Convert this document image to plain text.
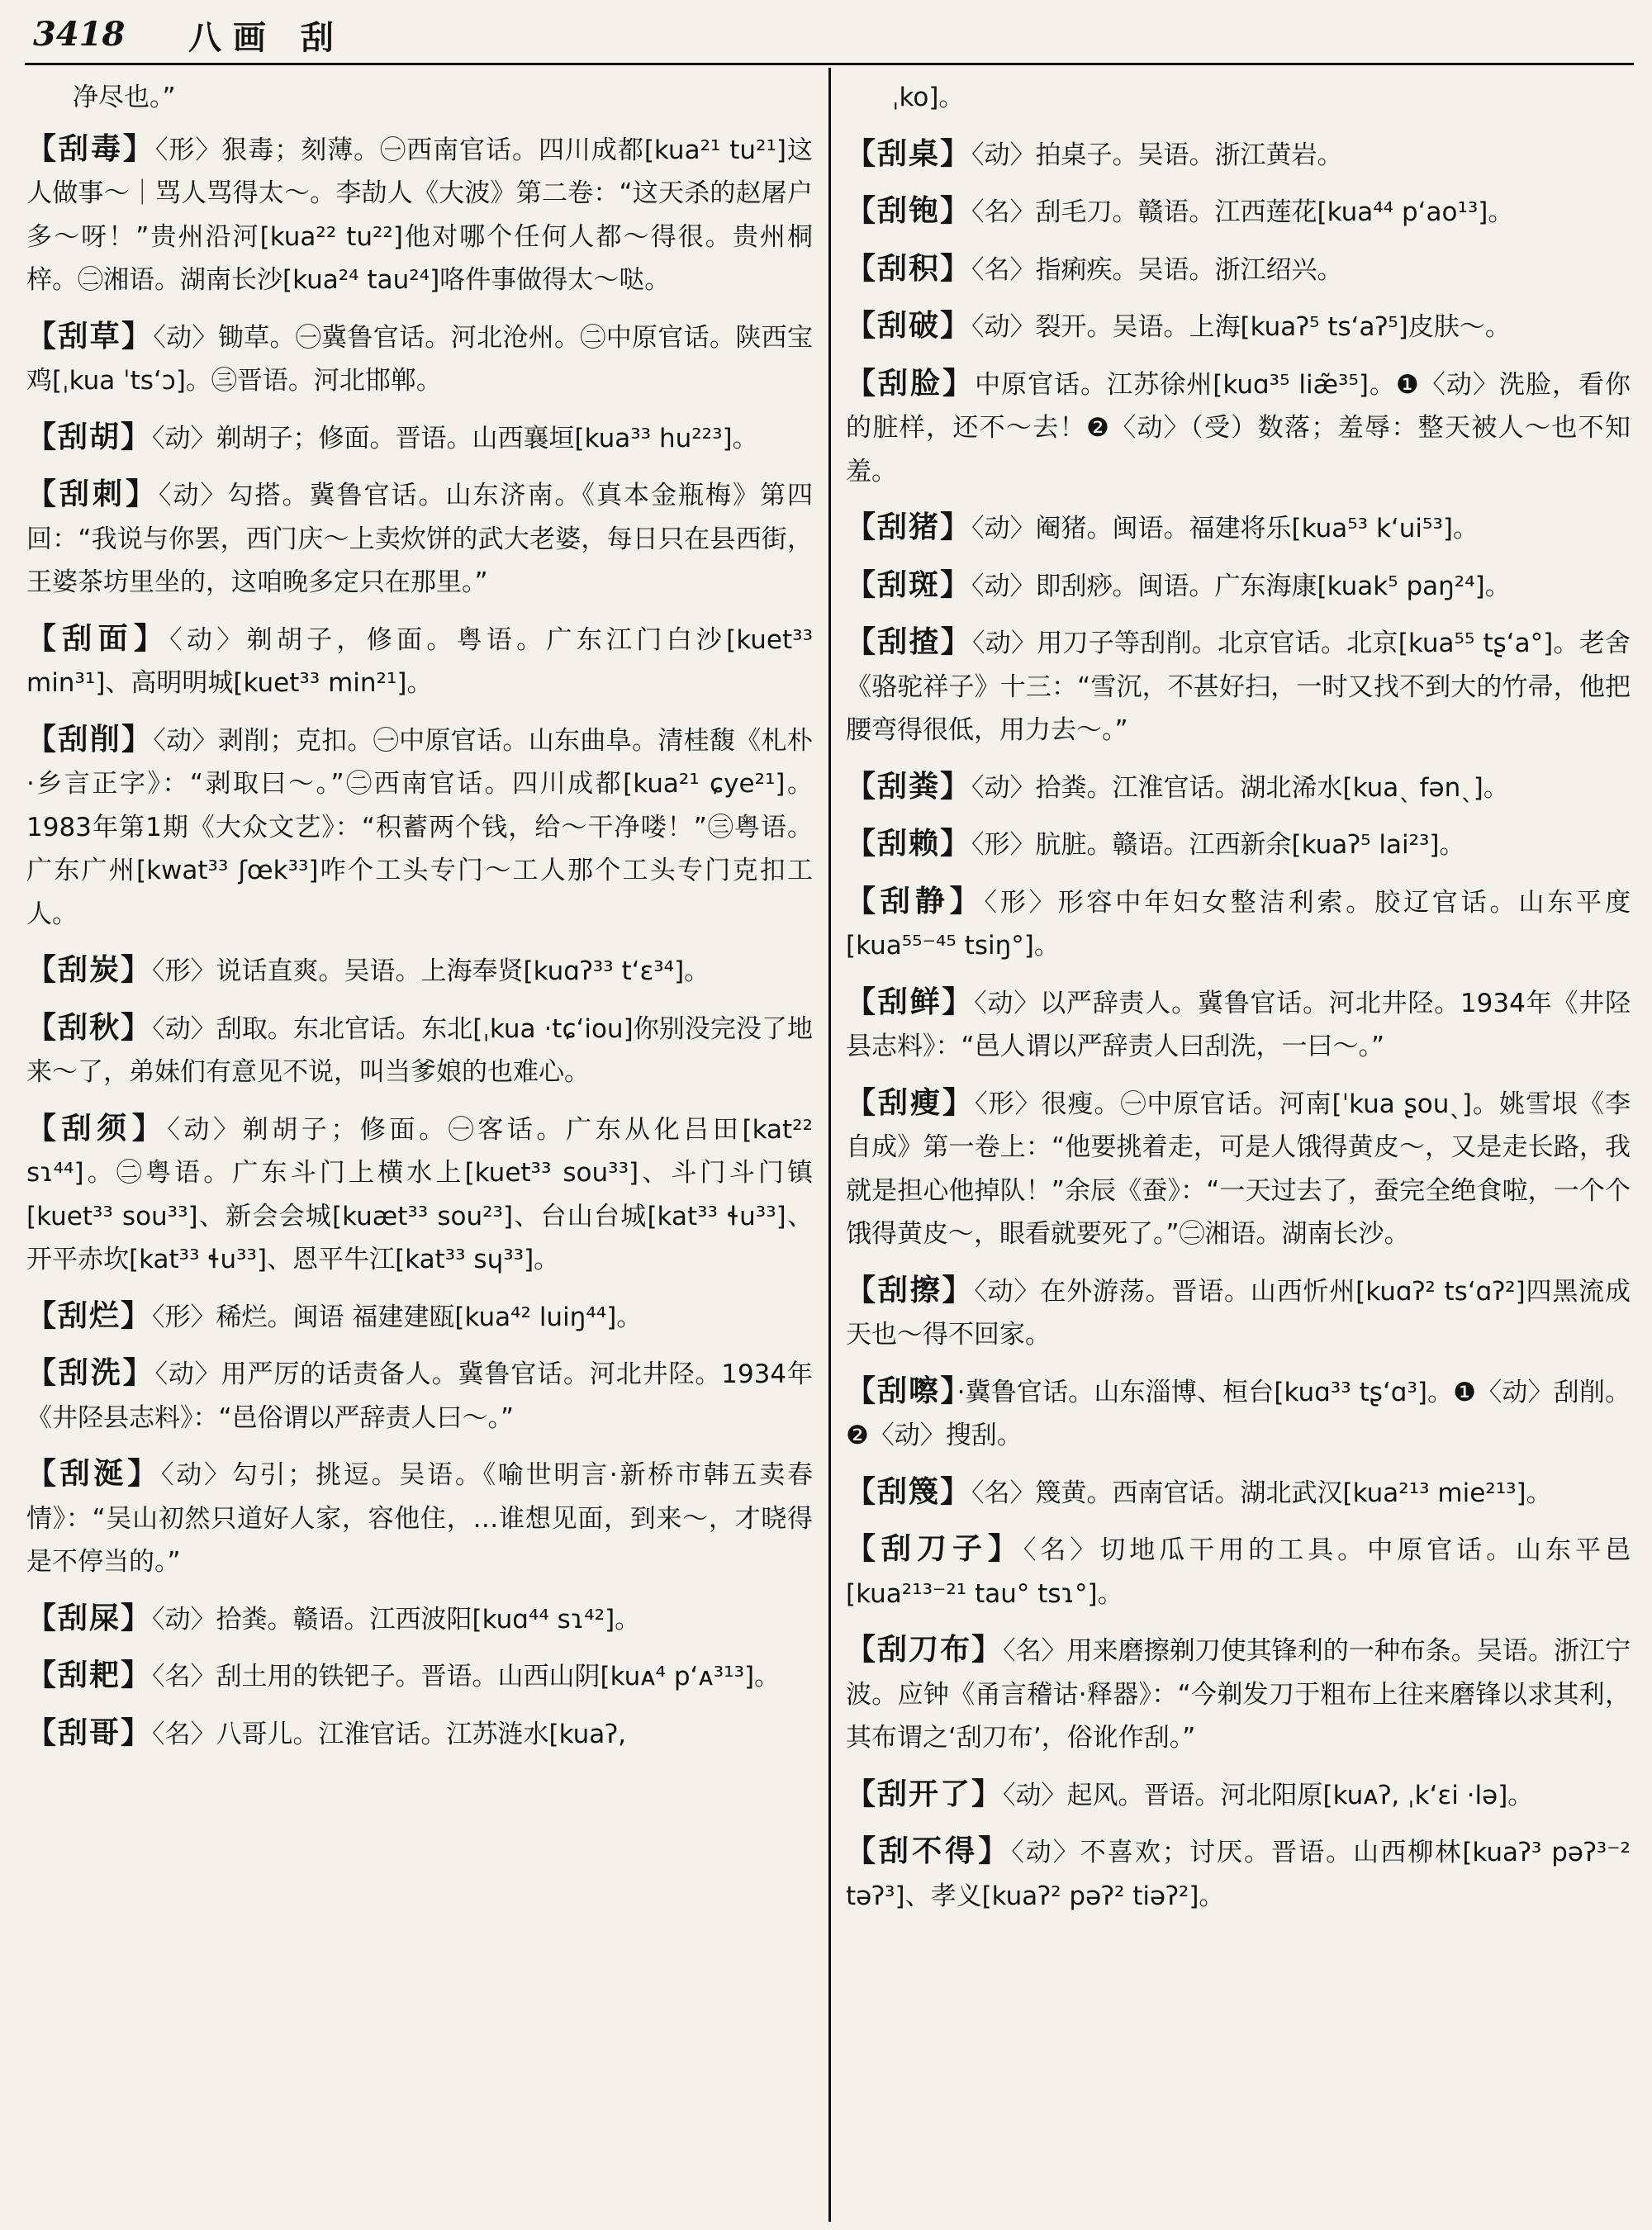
3418 八画 刮

净尽也。”

【刮毒】〈形〉狠毒；刻薄。㊀西南官话。四川成都[kua²¹ tu²¹]这人做事～｜骂人骂得太～。李劼人《大波》第二卷：“这天杀的赵屠户多～呀！”贵州沿河[kua²² tu²²]他对哪个任何人都～得很。贵州桐梓。㊁湘语。湖南长沙[kua²⁴ tau²⁴]咯件事做得太～哒。

【刮草】〈动〉锄草。㊀冀鲁官话。河北沧州。㊁中原官话。陕西宝鸡[ˌkua ˈtsʻɔ]。㊂晋语。河北邯郸。

【刮胡】〈动〉剃胡子；修面。晋语。山西襄垣[kua³³ hu²²³]。

【刮刺】〈动〉勾搭。冀鲁官话。山东济南。《真本金瓶梅》第四回：“我说与你罢，西门庆～上卖炊饼的武大老婆，每日只在县西街，王婆茶坊里坐的，这咱晚多定只在那里。”

【刮面】〈动〉剃胡子，修面。粤语。广东江门白沙[kuet³³ min³¹]、高明明城[kuet³³ min²¹]。

【刮削】〈动〉剥削；克扣。㊀中原官话。山东曲阜。清桂馥《札朴·乡言正字》：“剥取曰～。”㊁西南官话。四川成都[kua²¹ ɕye²¹]。1983年第1期《大众文艺》：“积蓄两个钱，给～干净喽！”㊂粤语。广东广州[kwat³³ ʃœk³³]咋个工头专门～工人那个工头专门克扣工人。

【刮炭】〈形〉说话直爽。吴语。上海奉贤[kuɑʔ³³ tʻɛ³⁴]。

【刮秋】〈动〉刮取。东北官话。东北[ˌkua ·tɕʻiou]你别没完没了地来～了，弟妹们有意见不说，叫当爹娘的也难心。

【刮须】〈动〉剃胡子；修面。㊀客话。广东从化吕田[kat²² sɿ⁴⁴]。㊁粤语。广东斗门上横水上[kuet³³ sou³³]、斗门斗门镇[kuet³³ sou³³]、新会会城[kuæt³³ sou²³]、台山台城[kat³³ ɬu³³]、开平赤坎[kat³³ ɬu³³]、恩平牛江[kat³³ sɥ³³]。

【刮烂】〈形〉稀烂。闽语 福建建瓯[kua⁴² luiŋ⁴⁴]。

【刮洗】〈动〉用严厉的话责备人。冀鲁官话。河北井陉。1934年《井陉县志料》：“邑俗谓以严辞责人曰～。”

【刮涎】〈动〉勾引；挑逗。吴语。《喻世明言·新桥市韩五卖春情》：“吴山初然只道好人家，容他住，…谁想见面，到来～，才晓得是不停当的。”

【刮屎】〈动〉拾粪。赣语。江西波阳[kuɑ⁴⁴ sɿ⁴²]。

【刮耙】〈名〉刮土用的铁钯子。晋语。山西山阴[kuᴀ⁴ pʻᴀ³¹³]。

【刮哥】〈名〉八哥儿。江淮官话。江苏涟水[kuaʔ,

ˌko]。

【刮桌】〈动〉拍桌子。吴语。浙江黄岩。

【刮铇】〈名〉刮毛刀。赣语。江西莲花[kua⁴⁴ pʻao¹³]。

【刮积】〈名〉指痢疾。吴语。浙江绍兴。

【刮破】〈动〉裂开。吴语。上海[kuaʔ⁵ tsʻaʔ⁵]皮肤～。

【刮脸】中原官话。江苏徐州[kuɑ³⁵ liæ̃³⁵]。❶〈动〉洗脸，看你的脏样，还不～去！❷〈动〉（受）数落；羞辱：整天被人～也不知羞。

【刮猪】〈动〉阉猪。闽语。福建将乐[kua⁵³ kʻui⁵³]。

【刮斑】〈动〉即刮痧。闽语。广东海康[kuak⁵ paŋ²⁴]。

【刮揸】〈动〉用刀子等刮削。北京官话。北京[kua⁵⁵ tʂʻa°]。老舍《骆驼祥子》十三：“雪沉，不甚好扫，一时又找不到大的竹帚，他把腰弯得很低，用力去～。”

【刮粪】〈动〉拾粪。江淮官话。湖北浠水[kuaˎ fənˎ]。

【刮赖】〈形〉肮脏。赣语。江西新余[kuaʔ⁵ lai²³]。

【刮静】〈形〉形容中年妇女整洁利索。胶辽官话。山东平度[kua⁵⁵⁻⁴⁵ tsiŋ°]。

【刮鲜】〈动〉以严辞责人。冀鲁官话。河北井陉。1934年《井陉县志料》：“邑人谓以严辞责人曰刮洗，一曰～。”

【刮瘦】〈形〉很瘦。㊀中原官话。河南[ˈkua ʂouˎ]。姚雪垠《李自成》第一卷上：“他要挑着走，可是人饿得黄皮～，又是走长路，我就是担心他掉队！”余辰《蚕》：“一天过去了，蚕完全绝食啦，一个个饿得黄皮～，眼看就要死了。”㊁湘语。湖南长沙。

【刮擦】〈动〉在外游荡。晋语。山西忻州[kuɑʔ² tsʻɑʔ²]四黑流成天也～得不回家。

【刮嚓】·冀鲁官话。山东淄博、桓台[kuɑ³³ tʂʻɑ³]。❶〈动〉刮削。❷〈动〉搜刮。

【刮篾】〈名〉篾黄。西南官话。湖北武汉[kua²¹³ mie²¹³]。

【刮刀子】〈名〉切地瓜干用的工具。中原官话。山东平邑[kua²¹³⁻²¹ tau° tsɿ°]。

【刮刀布】〈名〉用来磨擦剃刀使其锋利的一种布条。吴语。浙江宁波。应钟《甬言稽诂·释器》：“今剃发刀于粗布上往来磨锋以求其利，其布谓之‘刮刀布’，俗讹作刮。”

【刮开了】〈动〉起风。晋语。河北阳原[kuᴀʔ, ˌkʻɛi ·lə]。

【刮不得】〈动〉不喜欢；讨厌。晋语。山西柳林[kuaʔ³ pəʔ³⁻² təʔ³]、孝义[kuaʔ² pəʔ² tiəʔ²]。
